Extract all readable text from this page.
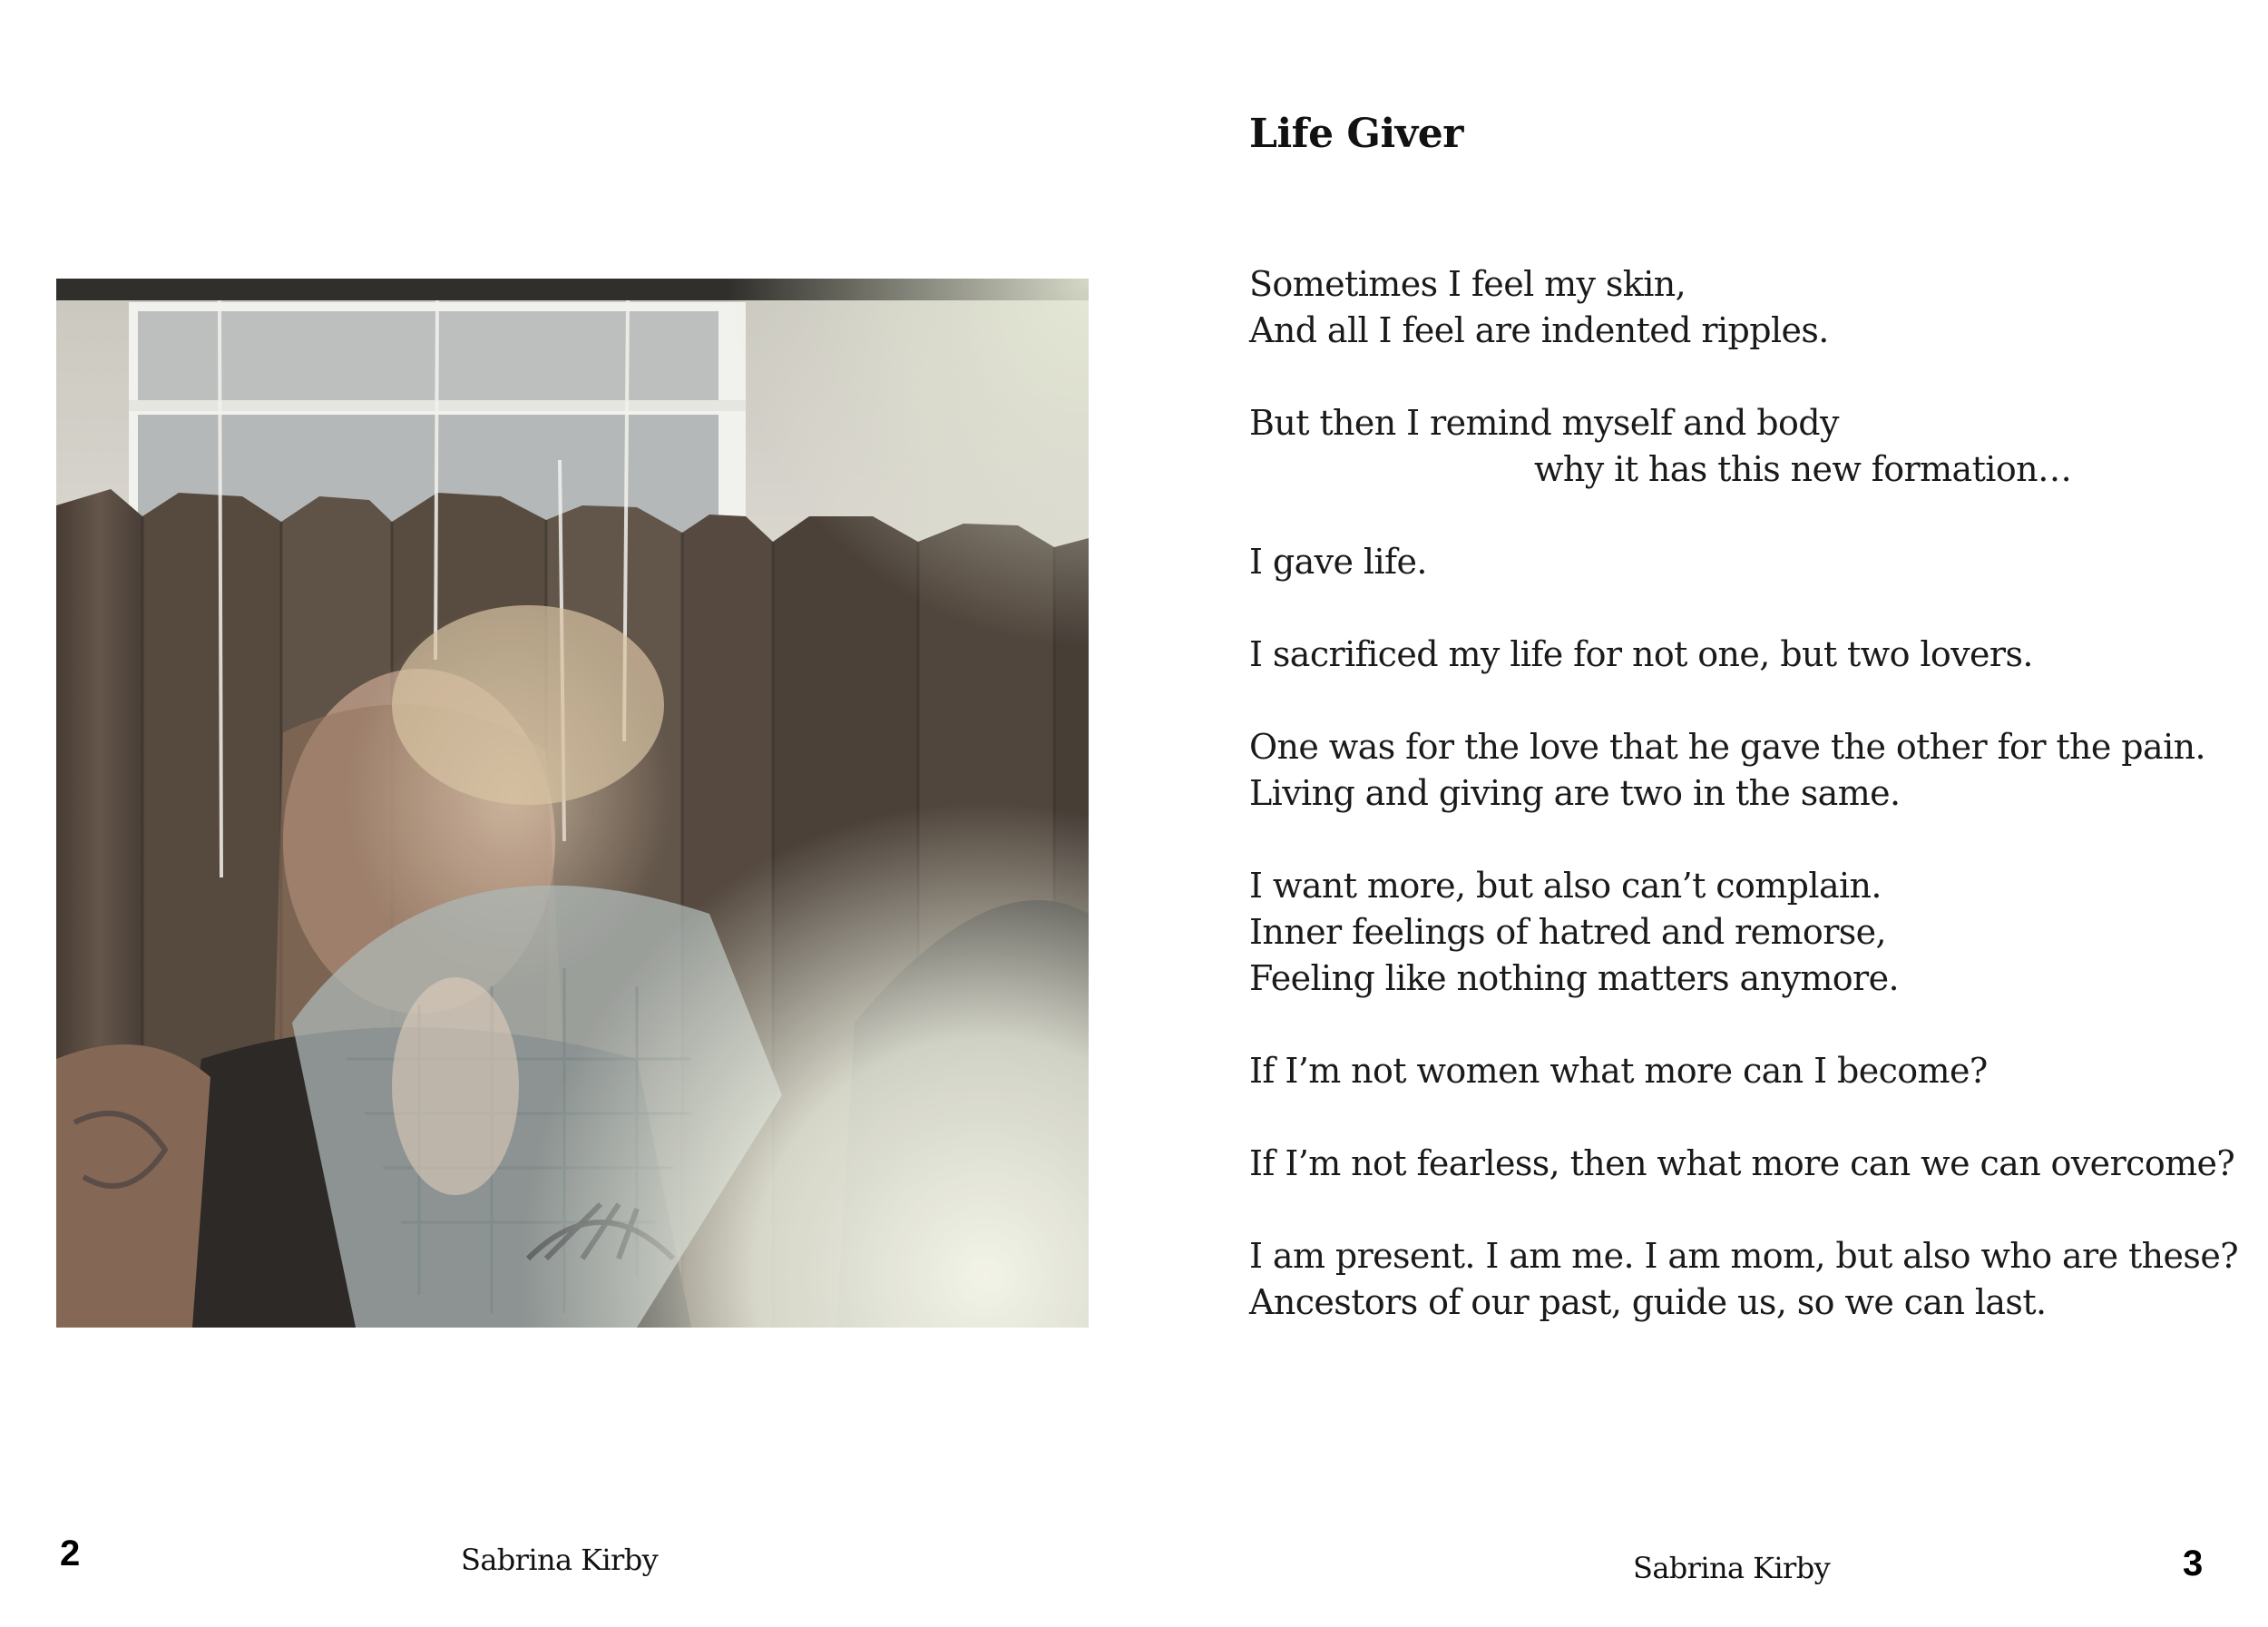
Life Giver
Sometimes I feel my skin,
And all I feel are indented ripples.
But then I remind myself and body
why it has this new formation…
I gave life.
I sacrificed my life for not one, but two lovers.
One was for the love that he gave the other for the pain.
Living and giving are two in the same.
I want more, but also can’t complain.
Inner feelings of hatred and remorse,
Feeling like nothing matters anymore.
If I’m not women what more can I become?
If I’m not fearless, then what more can we can overcome?
I am present. I am me. I am mom, but also who are these?
Ancestors of our past, guide us, so we can last.
2	Sabrina Kirby	Sabrina Kirby	3
